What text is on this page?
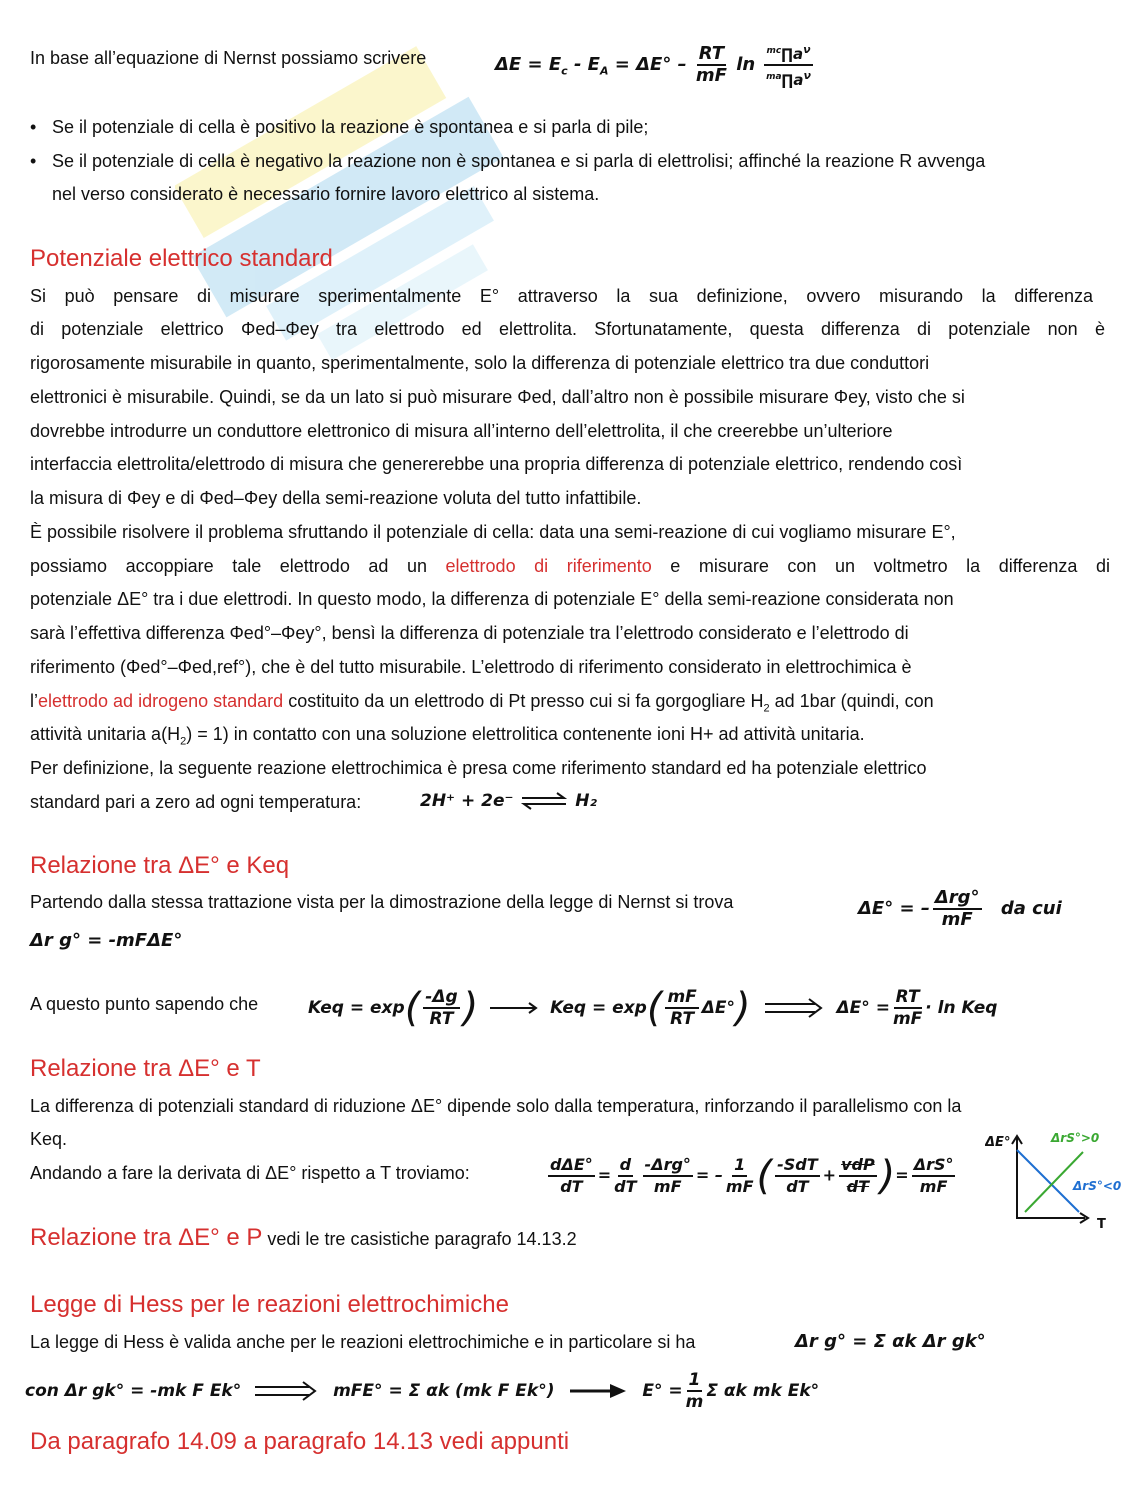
In base all’equazione di Nernst possiamo scrivere	$\Delta E = E_c - E_A = \Delta E^\circ - \frac{RT}{mF}$ $\ln \frac{^{mc}\prod a^\nu}{^{ma}\prod a^\nu}$
• Se il potenziale di cella è positivo la reazione è spontanea e si parla di pile;
• Se il potenziale di cella è negativo la reazione non è spontanea e si parla di elettrolisi; affinché la reazione R avvenga
nel verso considerato è necessario fornire lavoro elettrico al sistema.
Potenziale elettrico standard
Si può pensare di misurare sperimentalmente E° attraverso la sua definizione, ovvero misurando la differenza
di potenziale elettrico Φed–Φey tra elettrodo ed elettrolita. Sfortunatamente, questa differenza di potenziale non è
rigorosamente misurabile in quanto, sperimentalmente, solo la differenza di potenziale elettrico tra due conduttori
elettronici è misurabile. Quindi, se da un lato si può misurare Φed, dall’altro non è possibile misurare Φey, visto che si
dovrebbe introdurre un conduttore elettronico di misura all’interno dell’elettrolita, il che creerebbe un’ulteriore
interfaccia elettrolita/elettrodo di misura che genererebbe una propria differenza di potenziale elettrico, rendendo così
la misura di Φey e di Φed–Φey della semi-reazione voluta del tutto infattibile.
È possibile risolvere il problema sfruttando il potenziale di cella: data una semi-reazione di cui vogliamo misurare E°,
possiamo accoppiare tale elettrodo ad un elettrodo di riferimento e misurare con un voltmetro la differenza di
potenziale ΔE° tra i due elettrodi. In questo modo, la differenza di potenziale E° della semi-reazione considerata non
sarà l’effettiva differenza Φed°–Φey°, bensì la differenza di potenziale tra l’elettrodo considerato e l’elettrodo di
riferimento (Φed°–Φed,ref°), che è del tutto misurabile. L’elettrodo di riferimento considerato in elettrochimica è
l’elettrodo ad idrogeno standard costituito da un elettrodo di Pt presso cui si fa gorgogliare $H_2$ ad 1bar (quindi, con
attività unitaria $a(H_2) = 1$) in contatto con una soluzione elettrolitica contenente ioni H+ ad attività unitaria.
Per definizione, la seguente reazione elettrochimica è presa come riferimento standard ed ha potenziale elettrico
standard pari a zero ad ogni temperatura:	2H⁺ + 2e⁻ ⇌ H₂
Relazione tra ΔE° e Keq
Partendo dalla stessa trattazione vista per la dimostrazione della legge di Nernst si trova	ΔE° = – $\frac{\text{Δrg°}}{mF}$ da cui
Δr g° = -mFΔE°
A questo punto sapendo che	Keq = $\exp( \frac{-\Delta g}{RT}$ )	Keq = $\exp( \frac{mF}{RT} \Delta E^\circ)$	$\Delta E^\circ = \frac{RT}{mF} \cdot \ln$ Keq
Relazione tra ΔE° e T
La differenza di potenziali standard di riduzione ΔE° dipende solo dalla temperatura, rinforzando il parallelismo con la
Keq.
Andando a fare la derivata di ΔE° rispetto a T troviamo:	$\frac{\text{dΔE°}}{dT} = \frac{d}{dT} \frac{\text{-Δrg°}}{mF}$ = – $\frac{1}{mF}$ ( $\frac{\text{-SdT}}{dT} + \frac{\text{vdP}}{dT}$ )= $\frac{\text{ΔrS°}}{mF}$
ΔE°
T
ΔrS°>0
ΔrS°<0
Relazione tra ΔE° e P vedi le tre casistiche paragrafo 14.13.2
Legge di Hess per le reazioni elettrochimiche
La legge di Hess è valida anche per le reazioni elettrochimiche e in particolare si ha	Δr g° = Σ αk Δr gk°
con Δr gk° = -mk F Ek°	mFE° = Σ αk (mk F Ek°)	$E^\circ = \frac{1}{m}$ Σ αk mk Ek°
Da paragrafo 14.09 a paragrafo 14.13 vedi appunti
